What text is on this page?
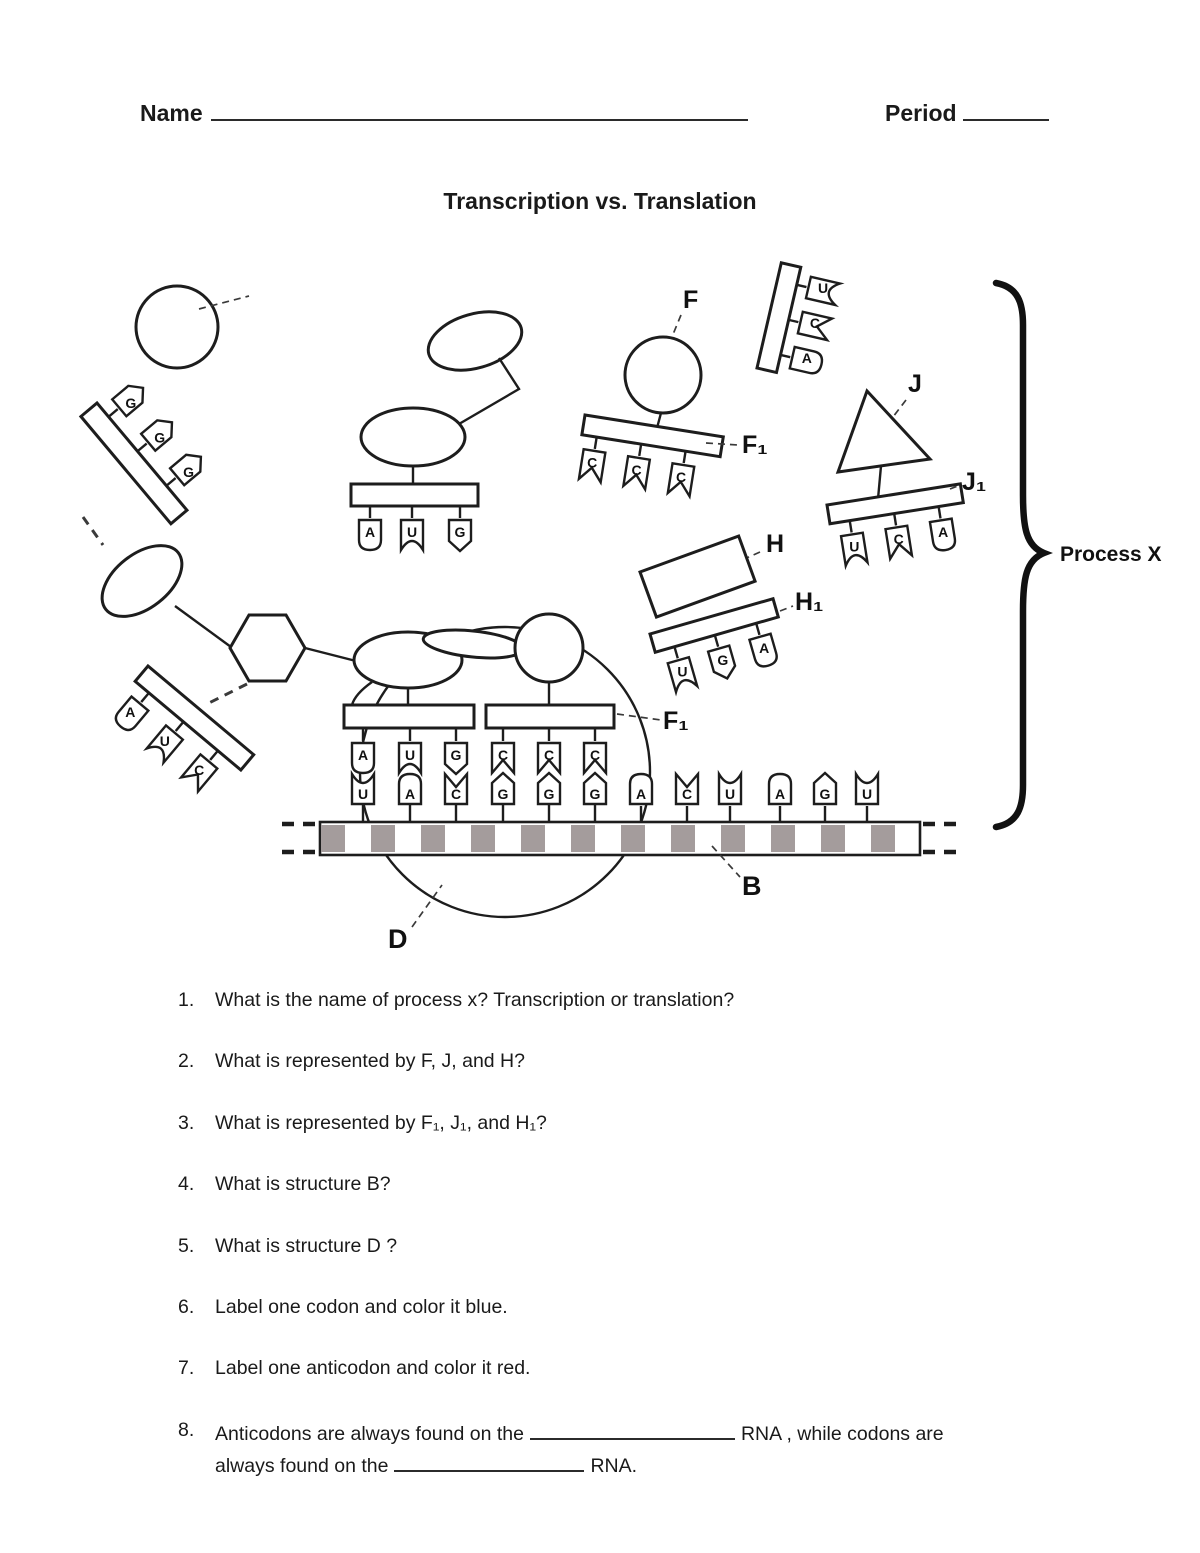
Name	Period
Transcription vs. Translation
G
G
G
A
U
C
A U	G
F
C C C
F₁
U
C
A
J
U C A
J₁
H
U
G
A
H₁
A	U	G
U	A	C
F₁
C	C	C
G	G	G	A	C U	A G U
B
D
Process X
1. What is the name of process x? Transcription or translation?
2. What is represented by F, J, and H?
3. What is represented by F₁, J₁, and H₁?
4. What is structure B?
5. What is structure D ?
6. Label one codon and color it blue.
7. Label one anticodon and color it red.
8. Anticodons are always found on the	RNA , while codons are
always found on the	RNA.
